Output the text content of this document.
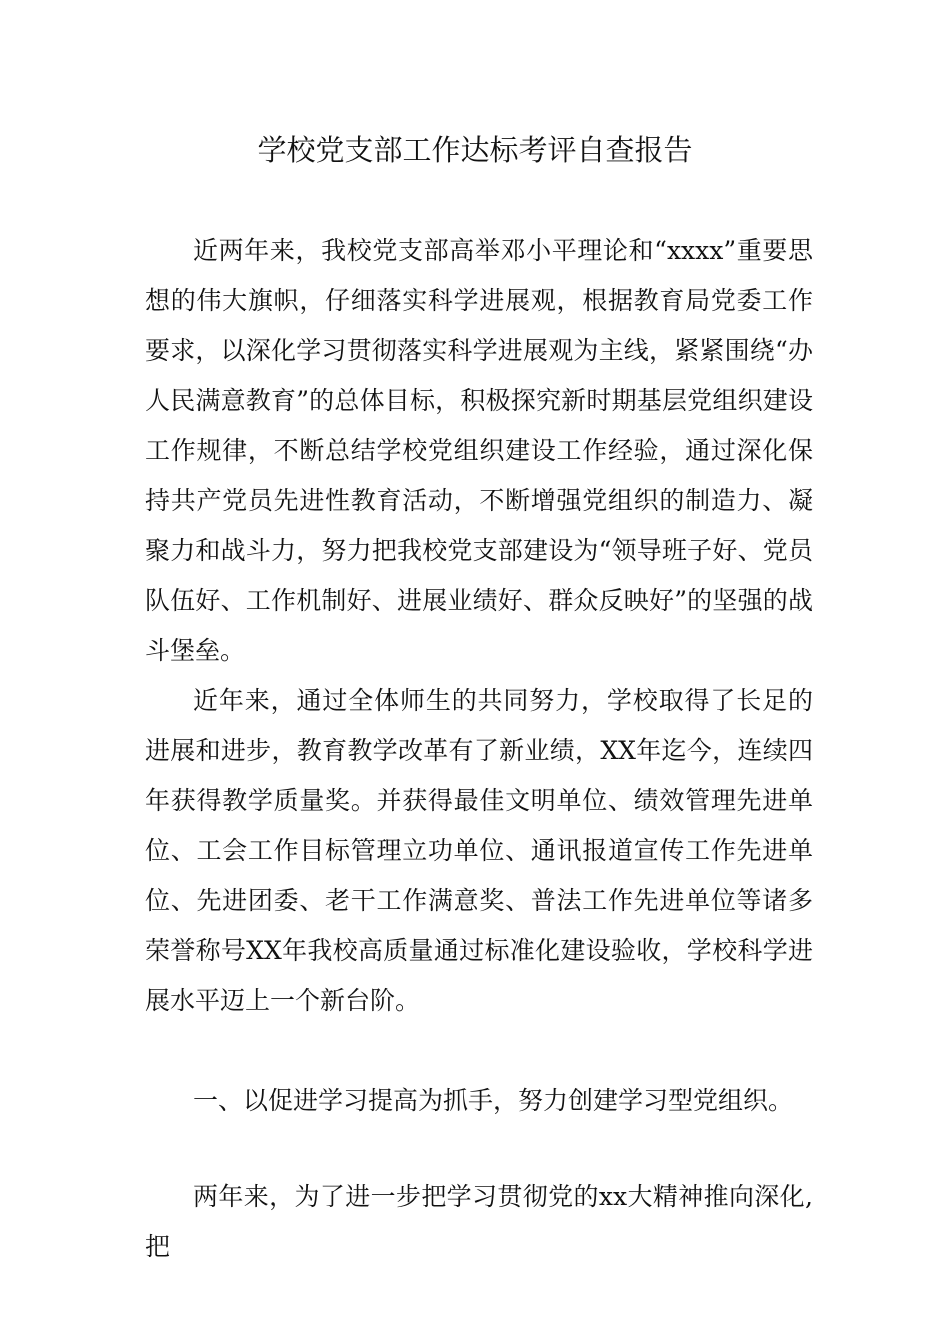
学校党支部工作达标考评自查报告

近两年来，我校党支部高举邓小平理论和“xxxx”重要思想的伟大旗帜，仔细落实科学进展观，根据教育局党委工作要求，以深化学习贯彻落实科学进展观为主线，紧紧围绕“办人民满意教育”的总体目标，积极探究新时期基层党组织建设工作规律，不断总结学校党组织建设工作经验，通过深化保持共产党员先进性教育活动，不断增强党组织的制造力、凝聚力和战斗力，努力把我校党支部建设为“领导班子好、党员队伍好、工作机制好、进展业绩好、群众反映好”的坚强的战斗堡垒。

近年来，通过全体师生的共同努力，学校取得了长足的进展和进步，教育教学改革有了新业绩，XX年迄今，连续四年获得教学质量奖。并获得最佳文明单位、绩效管理先进单位、工会工作目标管理立功单位、通讯报道宣传工作先进单位、先进团委、老干工作满意奖、普法工作先进单位等诸多荣誉称号XX年我校高质量通过标准化建设验收，学校科学进展水平迈上一个新台阶。

一、以促进学习提高为抓手，努力创建学习型党组织。

两年来，为了进一步把学习贯彻党的xx大精神推向深化,把
